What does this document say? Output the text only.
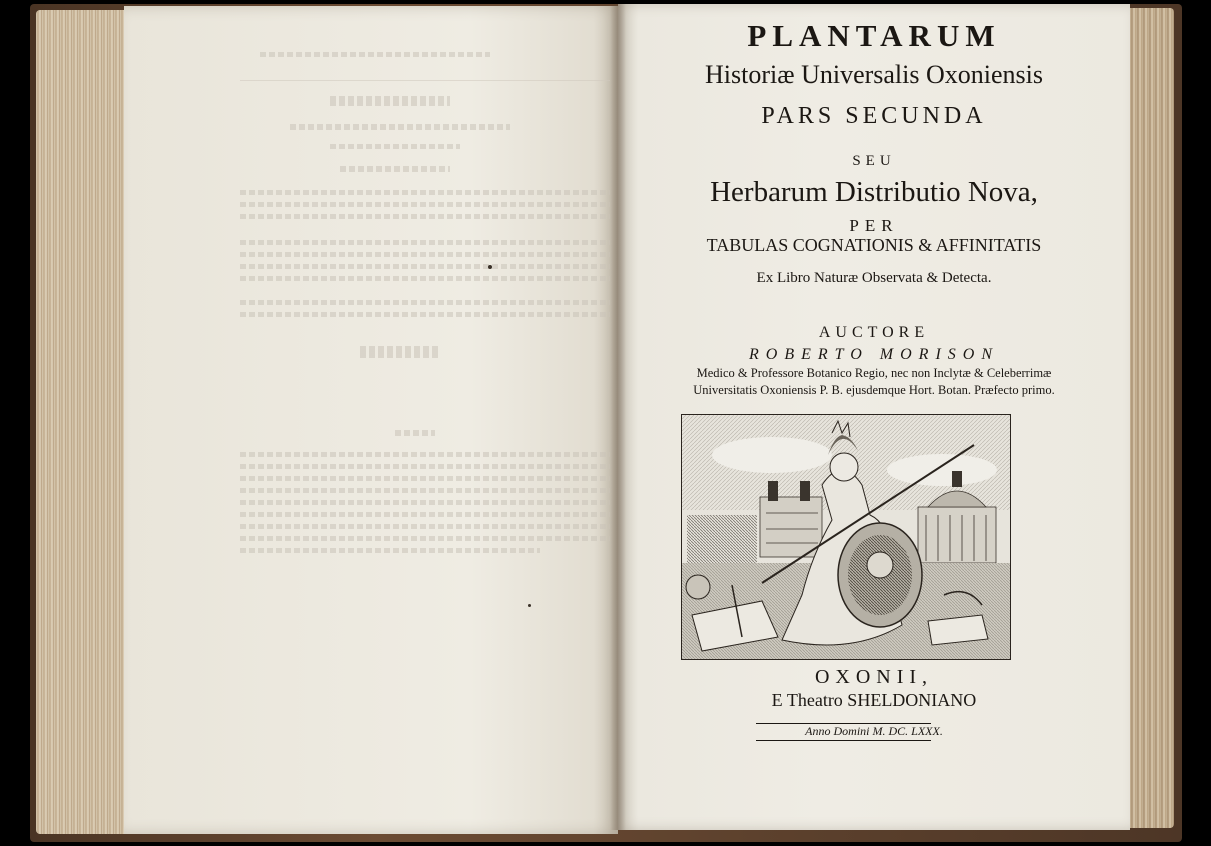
PLANTARUM
Historiæ Universalis Oxoniensis
PARS SECUNDA
SEU
Herbarum Distributio Nova,
PER
TABULAS COGNATIONIS & AFFINITATIS
Ex Libro Naturæ Observata & Detecta.
AUCTORE
ROBERTO MORISON
Medico & Professore Botanico Regio, nec non Inclytæ & Celeberrimæ
Universitatis Oxoniensis P. B. ejusdemque Hort. Botan. Præfecto primo.
OXONII,
E Theatro SHELDONIANO
Anno Domini M. DC. LXXX.
